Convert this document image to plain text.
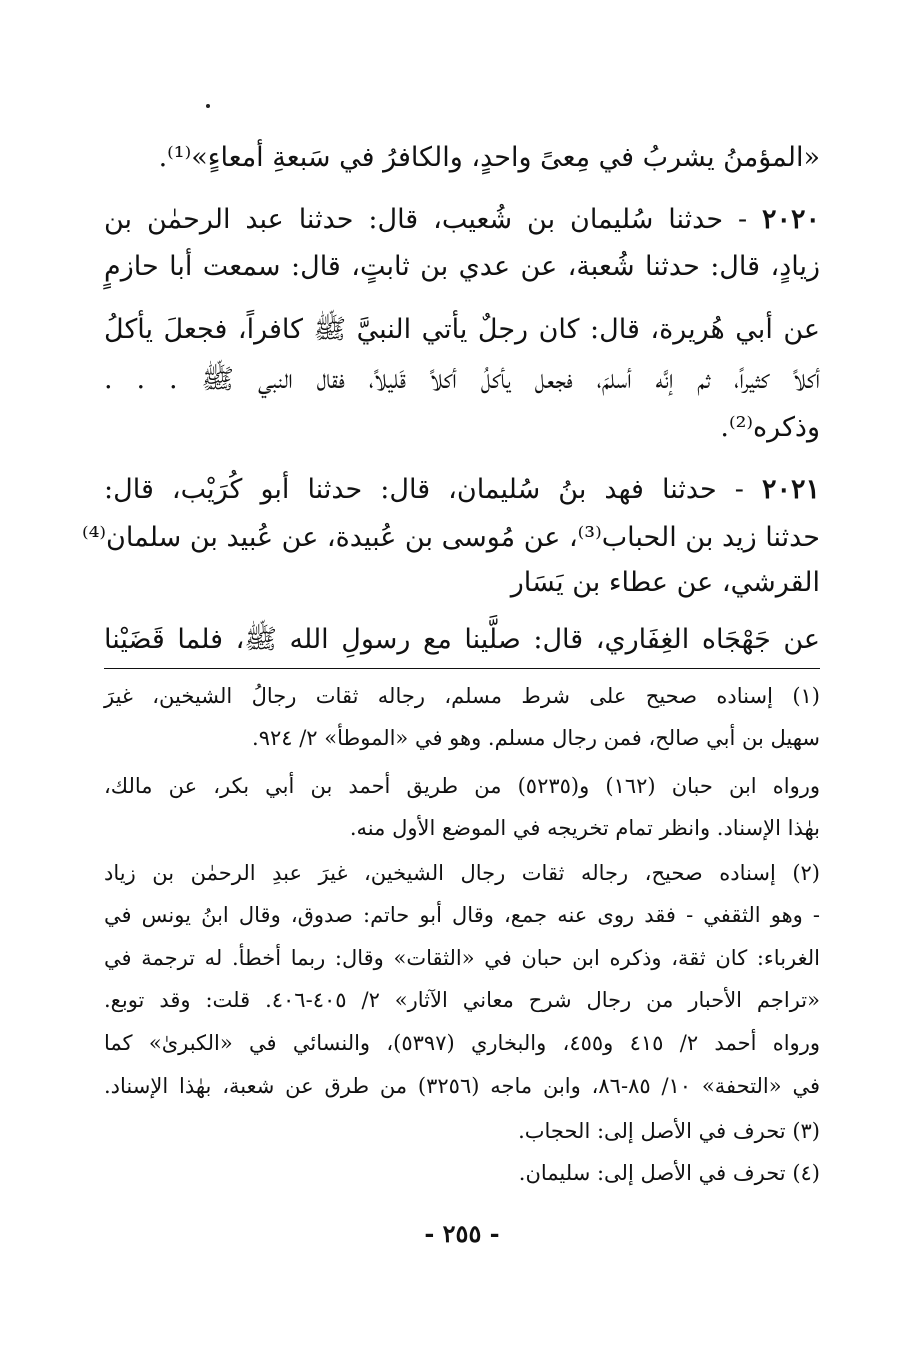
«المؤمنُ يشربُ في مِعىً واحدٍ، والكافرُ في سَبعةِ أمعاءٍ»⁽¹⁾.
٢٠٢٠ - حدثنا سُليمان بن شُعيب، قال: حدثنا عبد الرحمٰن بن
زيادٍ، قال: حدثنا شُعبة، عن عدي بن ثابتٍ، قال: سمعت أبا حازمٍ
عن أبي هُريرة، قال: كان رجلٌ يأتي النبيَّ ﷺ كافراً، فجعلَ يأكلُ
أكلاً كثيراً، ثم إنَّه أسلمَ، فجعل يأكلُ أكلاً قَليلاً، فقال النبي ﷺ . . .
وذكره⁽²⁾.
٢٠٢١ - حدثنا فهد بنُ سُليمان، قال: حدثنا أبو كُرَيْب، قال:
حدثنا زيد بن الحباب⁽³⁾، عن مُوسى بن عُبيدة، عن عُبيد بن سلمان⁽⁴⁾
القرشي، عن عطاء بن يَسَار
عن جَهْجَاه الغِفَاري، قال: صلَّينا مع رسولِ الله ﷺ، فلما قَضَيْنا
(١) إسناده صحيح على شرط مسلم، رجاله ثقات رجالُ الشيخين، غيرَ
سهيل بن أبي صالح، فمن رجال مسلم. وهو في «الموطأ» ٢/ ٩٢٤.
ورواه ابن حبان (١٦٢) و(٥٢٣٥) من طريق أحمد بن أبي بكر، عن مالك،
بهٰذا الإسناد. وانظر تمام تخريجه في الموضع الأول منه.
(٢) إسناده صحيح، رجاله ثقات رجال الشيخين، غيرَ عبدِ الرحمٰن بن زياد
- وهو الثقفي - فقد روى عنه جمع، وقال أبو حاتم: صدوق، وقال ابنُ يونس في
الغرباء: كان ثقة، وذكره ابن حبان في «الثقات» وقال: ربما أخطأ. له ترجمة في
«تراجم الأحبار من رجال شرح معاني الآثار» ٢/ ٤٠٥-٤٠٦. قلت: وقد توبع.
ورواه أحمد ٢/ ٤١٥ و٤٥٥، والبخاري (٥٣٩٧)، والنسائي في «الكبرىٰ» كما
في «التحفة» ١٠/ ٨٥-٨٦، وابن ماجه (٣٢٥٦) من طرق عن شعبة، بهٰذا الإسناد.
(٣) تحرف في الأصل إلى: الحجاب.
(٤) تحرف في الأصل إلى: سليمان.
- ٢٥٥ -
